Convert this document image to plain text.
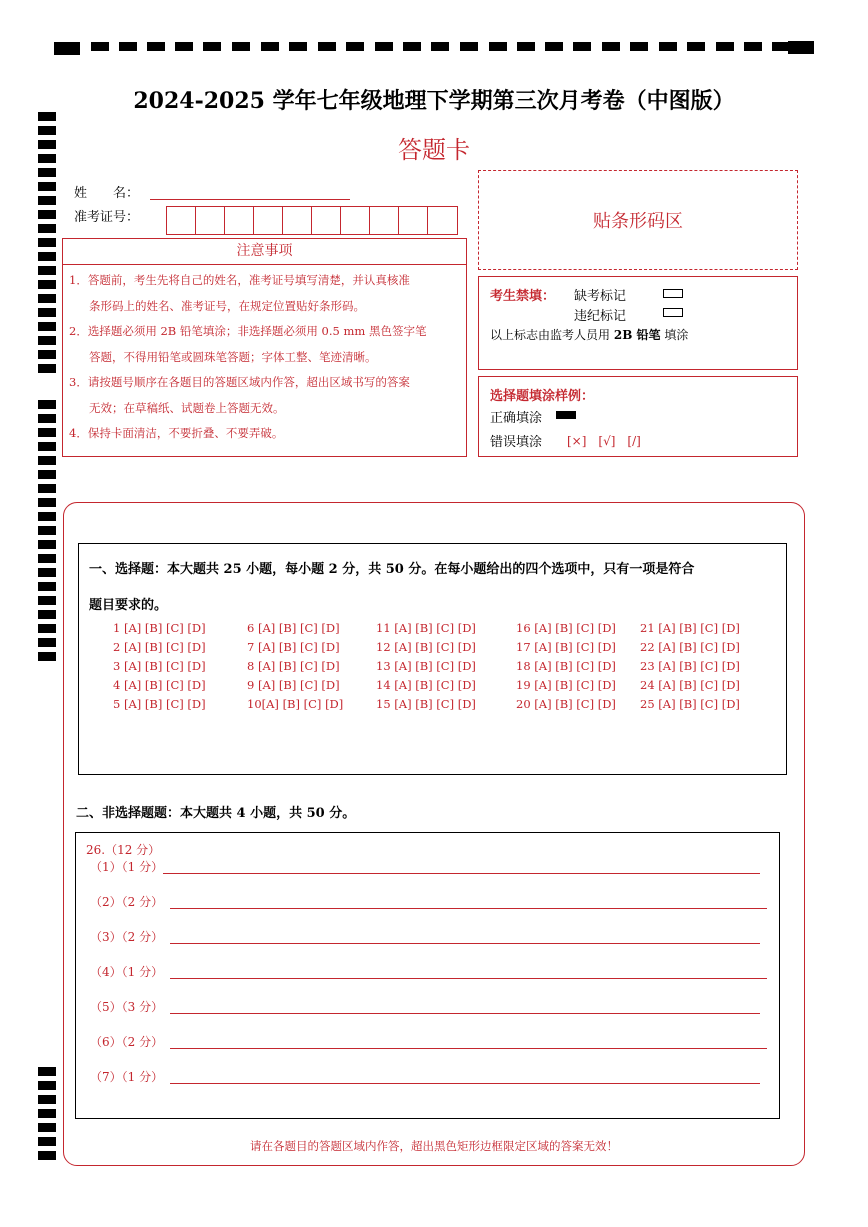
2024-2025 学年七年级地理下学期第三次月考卷（中图版）
答题卡
姓　　名：
准考证号：	贴条形码区
注意事项
1．答题前，考生先将自己的姓名，准考证号填写清楚，并认真核准
条形码上的姓名、准考证号，在规定位置贴好条形码。
2．选择题必须用 2B 铅笔填涂；非选择题必须用 0.5 mm 黑色签字笔
答题，不得用铅笔或圆珠笔答题；字体工整、笔迹清晰。
3．请按题号顺序在各题目的答题区域内作答，超出区域书写的答案
无效；在草稿纸、试题卷上答题无效。
4．保持卡面清洁，不要折叠、不要弄破。
考生禁填： 缺考标记
违纪标记
以上标志由监考人员用 2B 铅笔 填涂
选择题填涂样例：
正确填涂
错误填涂 [×]　[√]　[/]
一、选择题：本大题共 25 小题，每小题 2 分，共 50 分。在每小题给出的四个选项中，只有一项是符合
题目要求的。
1 [A] [B] [C] [D]	6 [A] [B] [C] [D]	11 [A] [B] [C] [D]	16 [A] [B] [C] [D] 21 [A] [B] [C] [D]
2 [A] [B] [C] [D]	7 [A] [B] [C] [D]	12 [A] [B] [C] [D]	17 [A] [B] [C] [D] 22 [A] [B] [C] [D]
3 [A] [B] [C] [D]	8 [A] [B] [C] [D]	13 [A] [B] [C] [D]	18 [A] [B] [C] [D] 23 [A] [B] [C] [D]
4 [A] [B] [C] [D]	9 [A] [B] [C] [D]	14 [A] [B] [C] [D]	19 [A] [B] [C] [D] 24 [A] [B] [C] [D]
5 [A] [B] [C] [D]	10[A] [B] [C] [D]	15 [A] [B] [C] [D]	20 [A] [B] [C] [D] 25 [A] [B] [C] [D]
二、非选择题题：本大题共 4 小题，共 50 分。
26.（12 分）
（1）（1 分）
（2）（2 分）
（3）（2 分）
（4）（1 分）
（5）（3 分）
（6）（2 分）
（7）（1 分）
请在各题目的答题区域内作答，超出黑色矩形边框限定区域的答案无效！
